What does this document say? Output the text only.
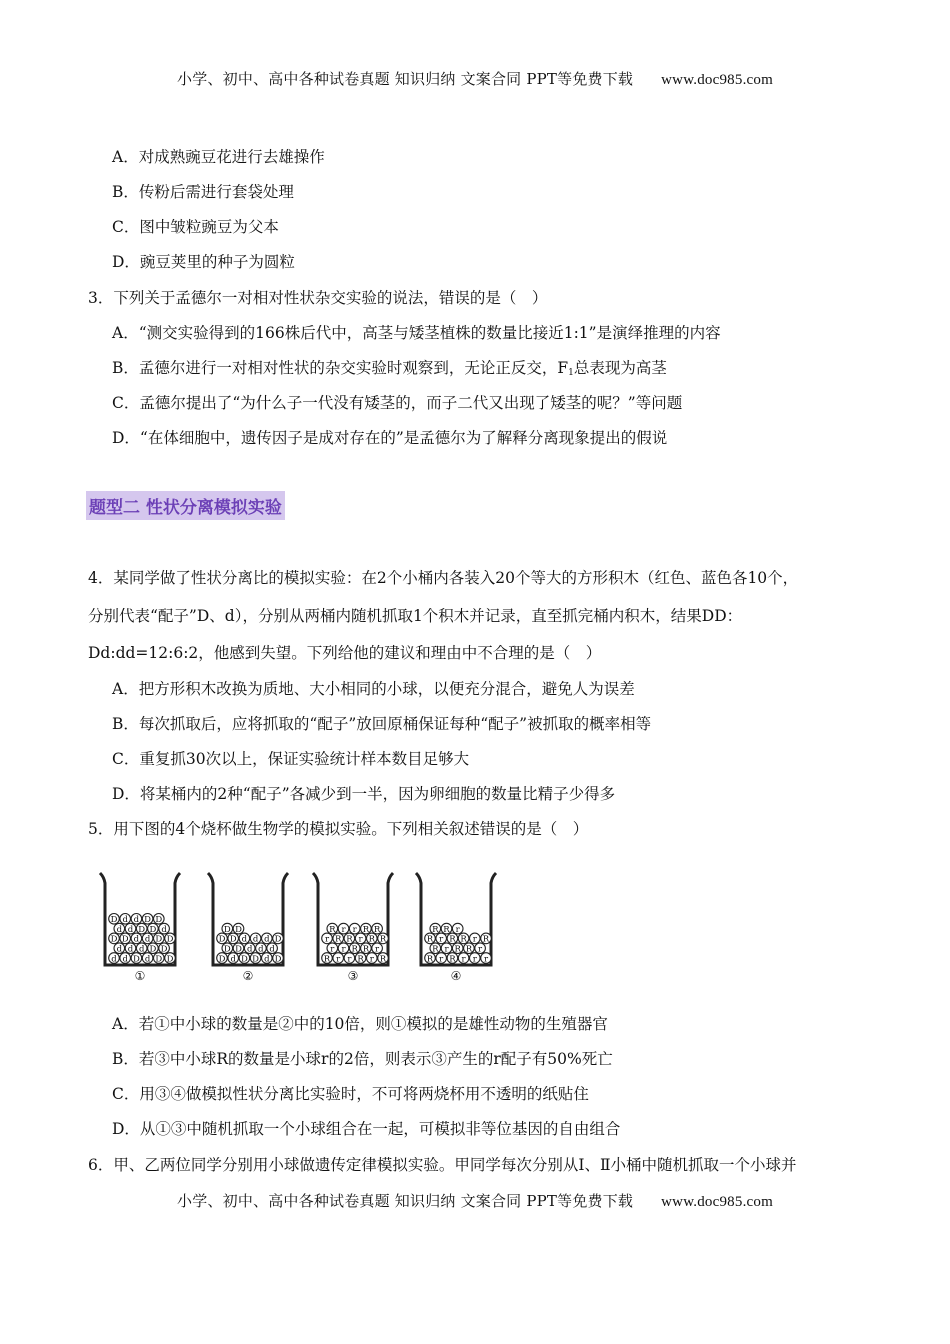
小学、初中、高中各种试卷真题 知识归纳 文案合同 PPT等免费下载 www.doc985.com
A．对成熟豌豆花进行去雄操作
B．传粉后需进行套袋处理
C．图中皱粒豌豆为父本
D．豌豆荚里的种子为圆粒
3．下列关于孟德尔一对相对性状杂交实验的说法，错误的是（　）
A．“测交实验得到的166株后代中，高茎与矮茎植株的数量比接近1:1”是演绎推理的内容
B．孟德尔进行一对相对性状的杂交实验时观察到，无论正反交，$F_1$总表现为高茎
C．孟德尔提出了“为什么子一代没有矮茎的，而子二代又出现了矮茎的呢？”等问题
D．“在体细胞中，遗传因子是成对存在的”是孟德尔为了解释分离现象提出的假说
题型二 性状分离模拟实验
4．某同学做了性状分离比的模拟实验：在2个小桶内各装入20个等大的方形积木（红色、蓝色各10个，
分别代表“配子”D、d），分别从两桶内随机抓取1个积木并记录，直至抓完桶内积木，结果DD：
Dd:dd=12:6:2，他感到失望。下列给他的建议和理由中不合理的是（　）
A．把方形积木改换为质地、大小相同的小球，以便充分混合，避免人为误差
B．每次抓取后，应将抓取的“配子”放回原桶保证每种“配子”被抓取的概率相等
C．重复抓30次以上，保证实验统计样本数目足够大
D．将某桶内的2种“配子”各减少到一半，因为卵细胞的数量比精子少得多
5．用下图的4个烧杯做生物学的模拟实验。下列相关叙述错误的是（　）
d d D d D D
d d d D D
D D d d D D
d d D D d
D d d D D
①
D d D D d D
D D d d d
D D d d d D
D D
②
R r r R r R
r r R R r
r R R r R R
R r r R R
③
R r R r r r
R r R R r
R r R R r R
R R r
④
A．若①中小球的数量是②中的10倍，则①模拟的是雄性动物的生殖器官
B．若③中小球R的数量是小球r的2倍，则表示③产生的r配子有50%死亡
C．用③④做模拟性状分离比实验时，不可将两烧杯用不透明的纸贴住
D．从①③中随机抓取一个小球组合在一起，可模拟非等位基因的自由组合
6．甲、乙两位同学分别用小球做遗传定律模拟实验。甲同学每次分别从Ⅰ、Ⅱ小桶中随机抓取一个小球并
小学、初中、高中各种试卷真题 知识归纳 文案合同 PPT等免费下载 www.doc985.com
